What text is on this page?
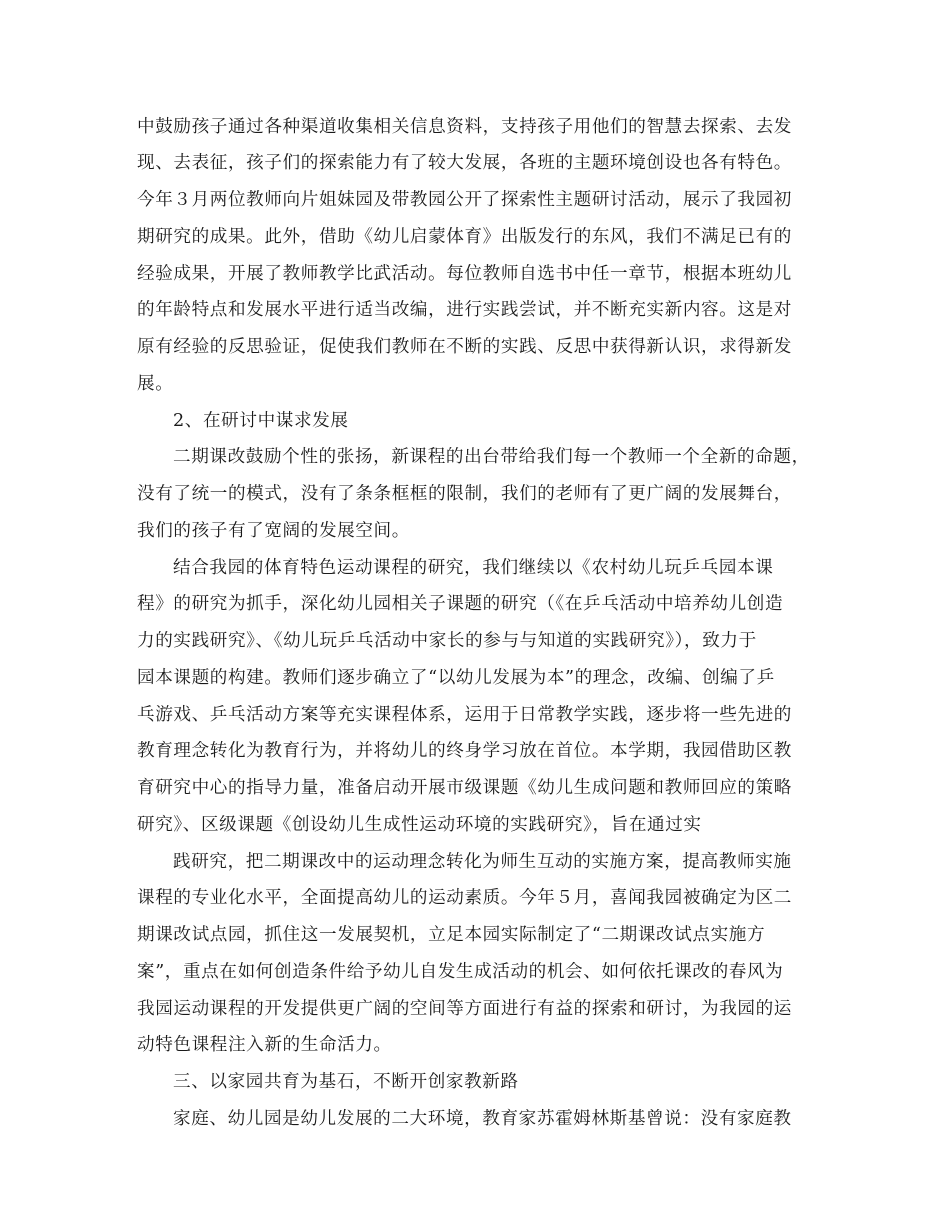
中鼓励孩子通过各种渠道收集相关信息资料，支持孩子用他们的智慧去探索、去发
现、去表征，孩子们的探索能力有了较大发展，各班的主题环境创设也各有特色。
今年３月两位教师向片姐妹园及带教园公开了探索性主题研讨活动，展示了我园初
期研究的成果。此外，借助《幼儿启蒙体育》出版发行的东风，我们不满足已有的
经验成果，开展了教师教学比武活动。每位教师自选书中任一章节，根据本班幼儿
的年龄特点和发展水平进行适当改编，进行实践尝试，并不断充实新内容。这是对
原有经验的反思验证，促使我们教师在不断的实践、反思中获得新认识，求得新发
展。
2、在研讨中谋求发展
二期课改鼓励个性的张扬，新课程的出台带给我们每一个教师一个全新的命题，
没有了统一的模式，没有了条条框框的限制，我们的老师有了更广阔的发展舞台，
我们的孩子有了宽阔的发展空间。
结合我园的体育特色运动课程的研究，我们继续以《农村幼儿玩乒乓园本课
程》的研究为抓手，深化幼儿园相关子课题的研究（《在乒乓活动中培养幼儿创造
力的实践研究》、《幼儿玩乒乓活动中家长的参与与知道的实践研究》），致力于
园本课题的构建。教师们逐步确立了“以幼儿发展为本”的理念，改编、创编了乒
乓游戏、乒乓活动方案等充实课程体系，运用于日常教学实践，逐步将一些先进的
教育理念转化为教育行为，并将幼儿的终身学习放在首位。本学期，我园借助区教
育研究中心的指导力量，准备启动开展市级课题《幼儿生成问题和教师回应的策略
研究》、区级课题《创设幼儿生成性运动环境的实践研究》，旨在通过实
践研究，把二期课改中的运动理念转化为师生互动的实施方案，提高教师实施
课程的专业化水平，全面提高幼儿的运动素质。今年５月，喜闻我园被确定为区二
期课改试点园，抓住这一发展契机，立足本园实际制定了“二期课改试点实施方
案”，重点在如何创造条件给予幼儿自发生成活动的机会、如何依托课改的春风为
我园运动课程的开发提供更广阔的空间等方面进行有益的探索和研讨，为我园的运
动特色课程注入新的生命活力。
三、以家园共育为基石，不断开创家教新路
家庭、幼儿园是幼儿发展的二大环境，教育家苏霍姆林斯基曾说：没有家庭教
